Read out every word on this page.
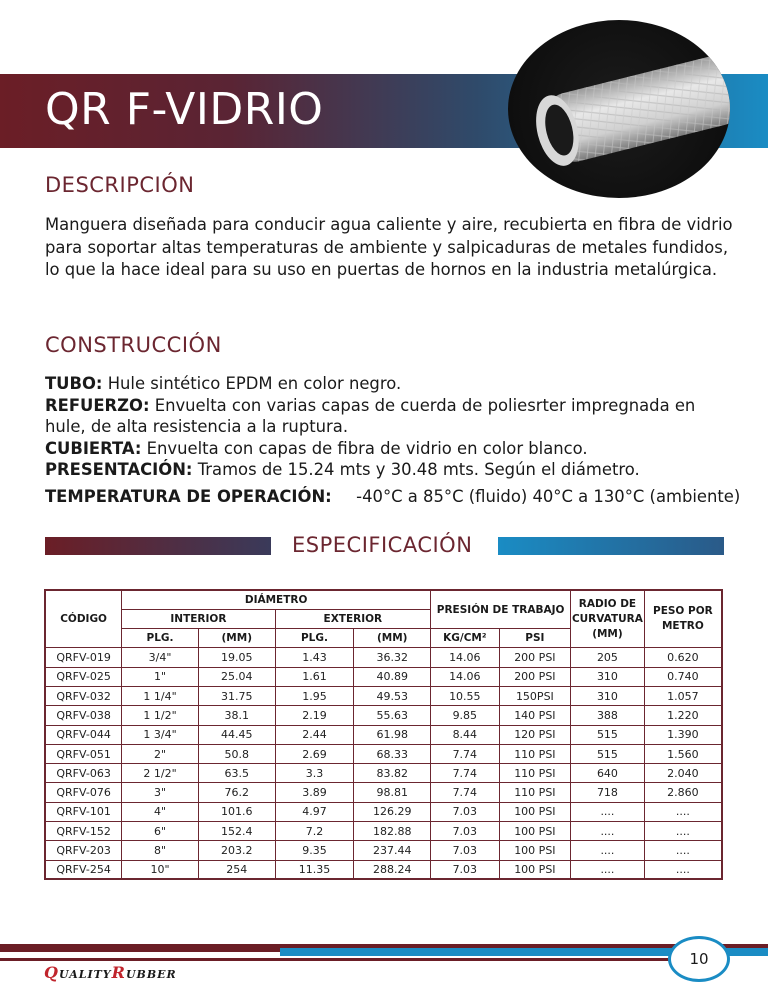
QR F-VIDRIO
DESCRIPCIÓN
Manguera diseñada para conducir agua caliente y aire, recubierta en fibra de vidrio para soportar altas temperaturas de ambiente y salpicaduras de metales fundidos, lo que la hace ideal para su uso en puertas de hornos en la industria metalúrgica.
CONSTRUCCIÓN
TUBO: Hule sintético EPDM en color negro.
REFUERZO: Envuelta con varias capas de cuerda de poliesrter impregnada en hule, de alta resistencia a la ruptura.
CUBIERTA: Envuelta con capas de fibra de vidrio en color blanco.
PRESENTACIÓN: Tramos de 15.24 mts y 30.48 mts. Según el diámetro.
TEMPERATURA DE OPERACIÓN: -40°C a 85°C (fluido) 40°C a 130°C (ambiente)
ESPECIFICACIÓN
CÓDIGO	DIÁMETRO				PRESIÓN DE TRABAJO		RADIO DE CURVATURA (MM)	PESO POR METRO
	INTERIOR		EXTERIOR					
	PLG.	(MM)	PLG.	(MM)	KG/CM²	PSI		
QRFV-019	3/4"	19.05	1.43	36.32	14.06	200 PSI	205	0.620
QRFV-025	1"	25.04	1.61	40.89	14.06	200 PSI	310	0.740
QRFV-032	1 1/4"	31.75	1.95	49.53	10.55	150PSI	310	1.057
QRFV-038	1 1/2"	38.1	2.19	55.63	9.85	140 PSI	388	1.220
QRFV-044	1 3/4"	44.45	2.44	61.98	8.44	120 PSI	515	1.390
QRFV-051	2"	50.8	2.69	68.33	7.74	110 PSI	515	1.560
QRFV-063	2 1/2"	63.5	3.3	83.82	7.74	110 PSI	640	2.040
QRFV-076	3"	76.2	3.89	98.81	7.74	110 PSI	718	2.860
QRFV-101	4"	101.6	4.97	126.29	7.03	100 PSI	....	....
QRFV-152	6"	152.4	7.2	182.88	7.03	100 PSI	....	....
QRFV-203	8"	203.2	9.35	237.44	7.03	100 PSI	....	....
QRFV-254	10"	254	11.35	288.24	7.03	100 PSI	....	....
10
QUALITYRUBBER
